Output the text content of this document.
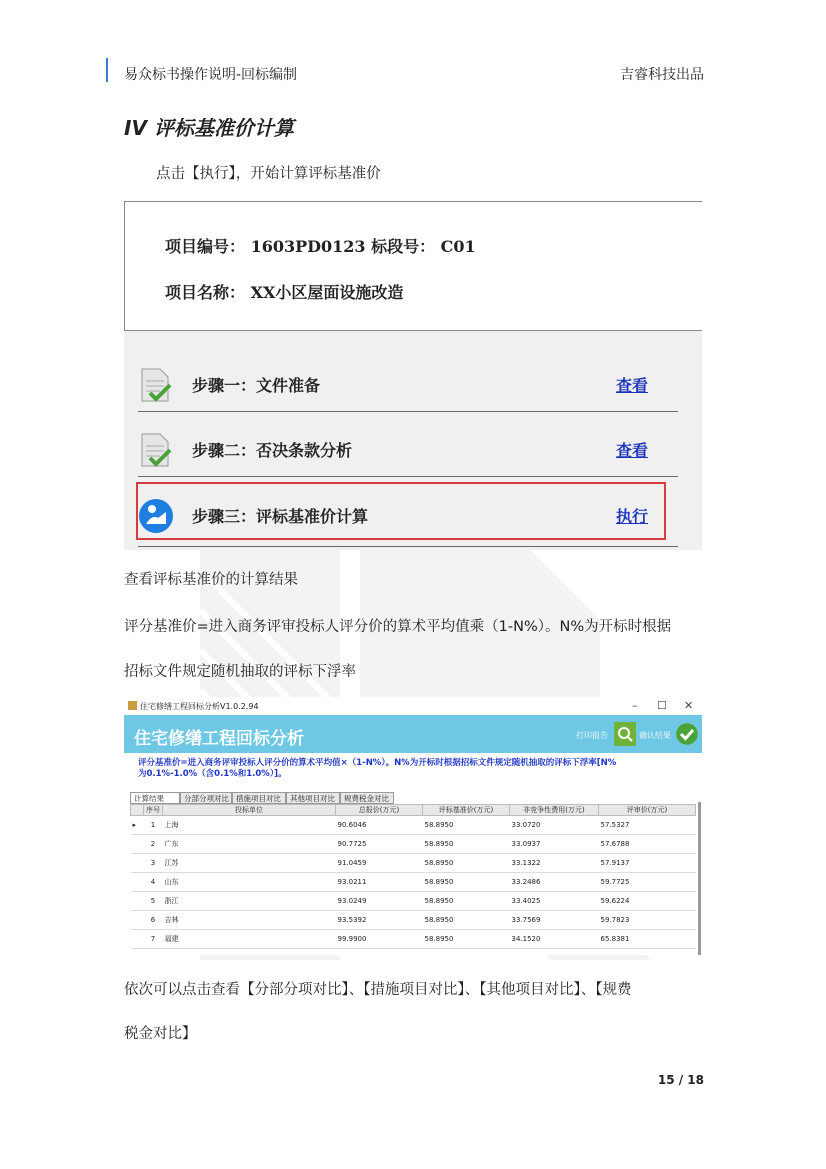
易众标书操作说明-回标编制	吉睿科技出品
IV 评标基准价计算
点击【执行】，开始计算评标基准价
项目编号： 1603PD0123 标段号： C01
项目名称： XX小区屋面设施改造
步骤一：文件准备	查看
步骤二：否决条款分析	查看
步骤三：评标基准价计算	执行
查看评标基准价的计算结果
评分基准价=进入商务评审投标人评分价的算术平均值乘（1-N%）。N%为开标时根据
招标文件规定随机抽取的评标下浮率
住宅修缮工程回标分析V1.0.2.94	– ☐ ✕
住宅修缮工程回标分析	打印报告	确认结果
评分基准价=进入商务评审投标人评分价的算术平均值×（1-N%）。N%为开标时根据招标文件规定随机抽取的评标下浮率[N%
为0.1%-1.0%（含0.1%和1.0%）]。
计算结果	分部分项对比 措施项目对比	其他项目对比	规费税金对比
	序号	投标单位	总报价(万元)	评标基准价(万元)	非竞争性费用(万元)	评审价(万元)
▸	1	上海	90.6046	58.8950	33.0720	57.5327
	2	广东	90.7725	58.8950	33.0937	57.6788
	3	江苏	91.0459	58.8950	33.1322	57.9137
	4	山东	93.0211	58.8950	33.2486	59.7725
	5	浙江	93.0249	58.8950	33.4025	59.6224
	6	吉林	93.5392	58.8950	33.7569	59.7823
	7	福建	99.9900	58.8950	34.1520	65.8381
依次可以点击查看【分部分项对比】、【措施项目对比】、【其他项目对比】、【规费
税金对比】
15 / 18
